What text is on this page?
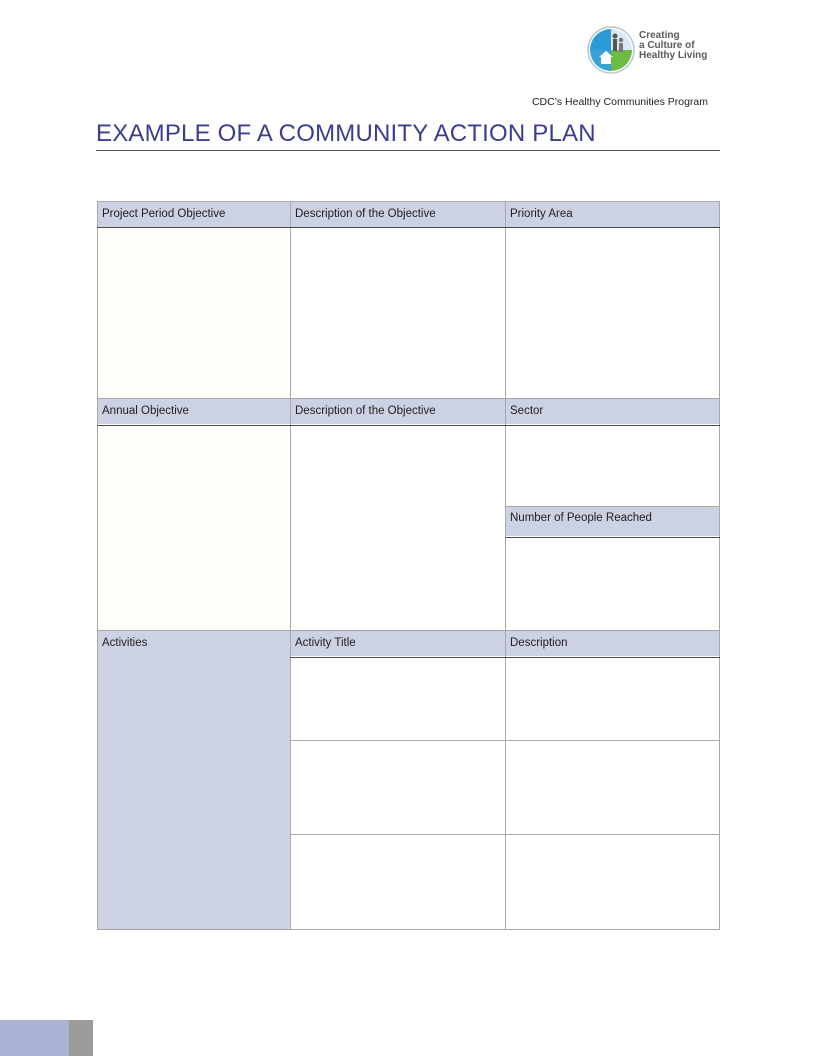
Creating
a Culture of
Healthy Living
CDC’s Healthy Communities Program
EXAMPLE OF A COMMUNITY ACTION PLAN
Project Period Objective	Description of the Objective	Priority Area
Annual Objective	Description of the Objective	Sector
Number of People Reached
Activities	Activity Title	Description
